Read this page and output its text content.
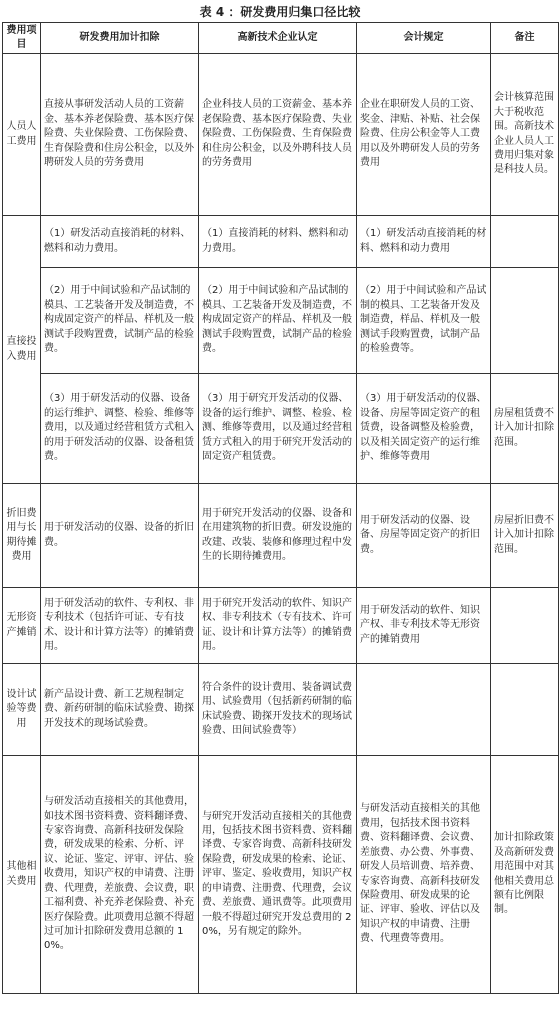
表 4 ：研发费用归集口径比较
费用项目	研发费用加计扣除	高新技术企业认定	会计规定	备注
人员人工费用	直接从事研发活动人员的工资薪金、基本养老保险费、基本医疗保险费、失业保险费、工伤保险费、生育保险费和住房公积金，以及外聘研发人员的劳务费用	企业科技人员的工资薪金、基本养老保险费、基本医疗保险费、失业保险费、工伤保险费、生育保险费和住房公积金，以及外聘科技人员的劳务费用	企业在职研发人员的工资、奖金、津贴、补贴、社会保险费、住房公积金等人工费用以及外聘研发人员的劳务费用	会计核算范围大于税收范围。高新技术企业人员人工费用归集对象是科技人员。
直接投入费用	（1）研发活动直接消耗的材料、燃料和动力费用。	（1）直接消耗的材料、燃料和动力费用。	（1）研发活动直接消耗的材料、燃料和动力费用	
	（2）用于中间试验和产品试制的模具、工艺装备开发及制造费，不构成固定资产的样品、样机及一般测试手段购置费，试制产品的检验费。	（2）用于中间试验和产品试制的模具、工艺装备开发及制造费，不构成固定资产的样品、样机及一般测试手段购置费，试制产品的检验费。	（2）用于中间试验和产品试制的模具、工艺装备开发及制造费，样品、样机及一般测试手段购置费，试制产品的检验费等。	
	（3）用于研发活动的仪器、设备的运行维护、调整、检验、维修等费用，以及通过经营租赁方式租入的用于研发活动的仪器、设备租赁费。	（3）用于研究开发活动的仪器、设备的运行维护、调整、检验、检测、维修等费用，以及通过经营租赁方式租入的用于研究开发活动的固定资产租赁费。	（3）用于研发活动的仪器、设备、房屋等固定资产的租赁费，设备调整及检验费，以及相关固定资产的运行维护、维修等费用	房屋租赁费不计入加计扣除范围。
折旧费用与长期待摊费用	用于研发活动的仪器、设备的折旧费。	用于研究开发活动的仪器、设备和在用建筑物的折旧费。研发设施的改建、改装、装修和修理过程中发生的长期待摊费用。	用于研发活动的仪器、设备、房屋等固定资产的折旧费。	房屋折旧费不计入加计扣除范围。
无形资产摊销	用于研发活动的软件、专利权、非专利技术（包括许可证、专有技术、设计和计算方法等）的摊销费用。	用于研究开发活动的软件、知识产权、非专利技术（专有技术、许可证、设计和计算方法等）的摊销费用。	用于研发活动的软件、知识产权、非专利技术等无形资产的摊销费用	
设计试验等费用	新产品设计费、新工艺规程制定费、新药研制的临床试验费、勘探开发技术的现场试验费。	符合条件的设计费用、装备调试费用、试验费用（包括新药研制的临床试验费、勘探开发技术的现场试验费、田间试验费等）		
其他相关费用	与研发活动直接相关的其他费用，如技术图书资料费、资料翻译费、专家咨询费、高新科技研发保险费，研发成果的检索、分析、评议、论证、鉴定、评审、评估、验收费用，知识产权的申请费、注册费、代理费，差旅费、会议费，职工福利费、补充养老保险费、补充医疗保险费。此项费用总额不得超过可加计扣除研发费用总额的 10%。	与研究开发活动直接相关的其他费用，包括技术图书资料费、资料翻译费、专家咨询费、高新科技研发保险费，研发成果的检索、论证、评审、鉴定、验收费用，知识产权的申请费、注册费、代理费，会议费、差旅费、通讯费等。此项费用一般不得超过研究开发总费用的 20%，另有规定的除外。	与研发活动直接相关的其他费用，包括技术图书资料费、资料翻译费、会议费、差旅费、办公费、外事费、研发人员培训费、培养费、专家咨询费、高新科技研发保险费用、研发成果的论证、评审、验收、评估以及知识产权的申请费、注册费、代理费等费用。	加计扣除政策及高新研发费用范围中对其他相关费用总额有比例限制。
